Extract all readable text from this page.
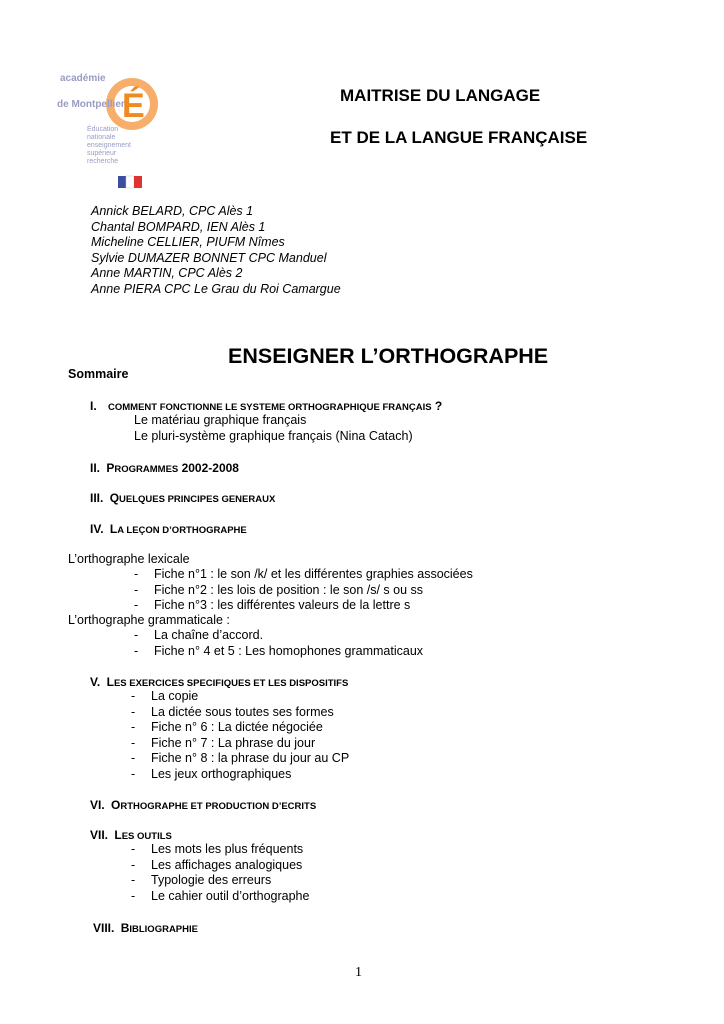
É
académie
de Montpellier
Éducation
nationale
enseignement
supérieur
recherche
MAITRISE DU LANGAGE
ET DE LA LANGUE FRANÇAISE
Annick BELARD, CPC Alès 1
Chantal BOMPARD, IEN Alès 1
Micheline CELLIER, PIUFM Nîmes
Sylvie DUMAZER BONNET CPC Manduel
Anne MARTIN, CPC Alès 2
Anne PIERA CPC Le Grau du Roi Camargue
ENSEIGNER L’ORTHOGRAPHE
Sommaire
I. COMMENT FONCTIONNE LE SYSTEME ORTHOGRAPHIQUE FRANÇAIS ?
Le matériau graphique français
Le pluri-système graphique français (Nina Catach)
II. PROGRAMMES 2002-2008
III. QUELQUES PRINCIPES GENERAUX
IV. LA LEÇON D’ORTHOGRAPHE
L’orthographe lexicale
-	Fiche n°1 : le son /k/ et les différentes graphies associées
-	Fiche n°2 : les lois de position : le son /s/ s ou ss
-	Fiche n°3 : les différentes valeurs de la lettre s
L’orthographe grammaticale :
-	La chaîne d’accord.
-	Fiche n° 4 et 5 : Les homophones grammaticaux
V. LES EXERCICES SPECIFIQUES ET LES DISPOSITIFS
-	La copie
-	La dictée sous toutes ses formes
-	Fiche n° 6 : La dictée négociée
-	Fiche n° 7 : La phrase du jour
-	Fiche n° 8 : la phrase du jour au CP
-	Les jeux orthographiques
VI. ORTHOGRAPHE ET PRODUCTION D’ECRITS
VII. LES OUTILS
-	Les mots les plus fréquents
-	Les affichages analogiques
-	Typologie des erreurs
-	Le cahier outil d’orthographe
VIII. BIBLIOGRAPHIE
1
